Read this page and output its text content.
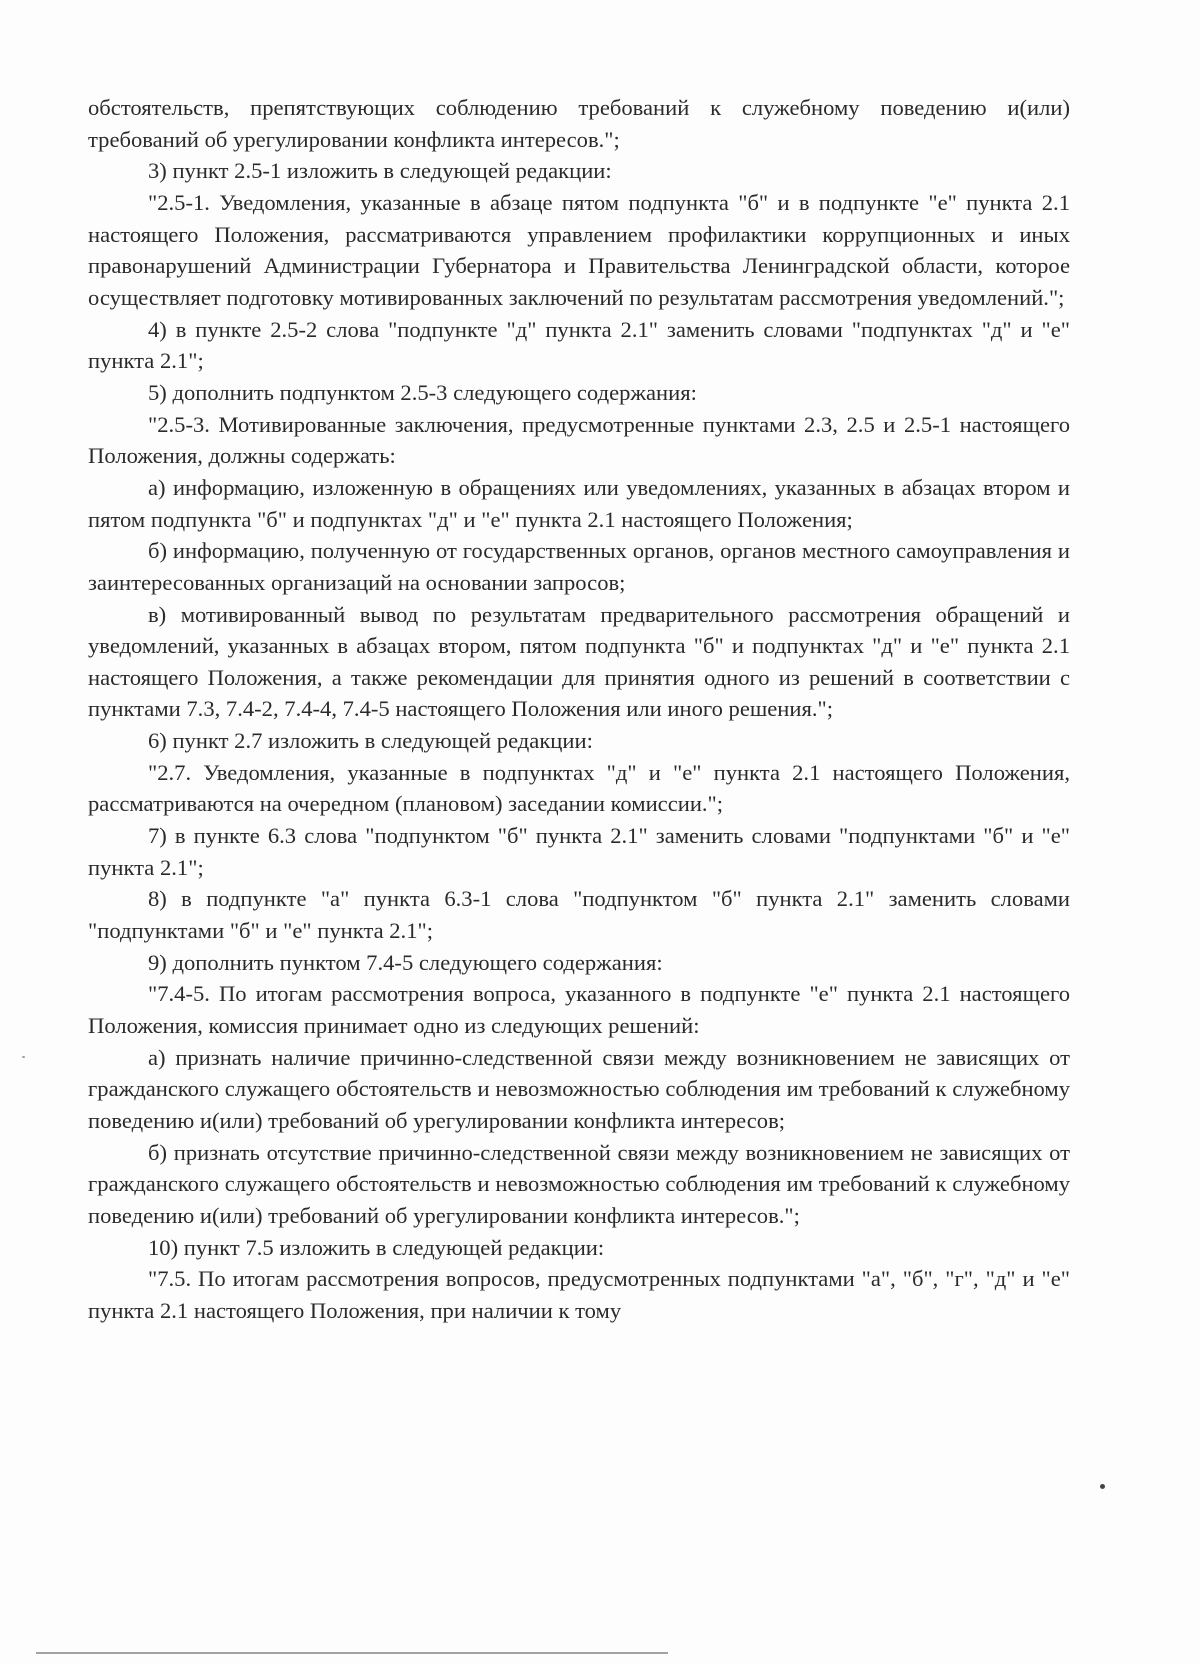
обстоятельств, препятствующих соблюдению требований к служебному поведению и(или) требований об урегулировании конфликта интересов.";

3) пункт 2.5-1 изложить в следующей редакции:

"2.5-1. Уведомления, указанные в абзаце пятом подпункта "б" и в подпункте "е" пункта 2.1 настоящего Положения, рассматриваются управлением профилактики коррупционных и иных правонарушений Администрации Губернатора и Правительства Ленинградской области, которое осуществляет подготовку мотивированных заключений по результатам рассмотрения уведомлений.";

4) в пункте 2.5-2 слова "подпункте "д" пункта 2.1" заменить словами "подпунктах "д" и "е" пункта 2.1";

5) дополнить подпунктом 2.5-3 следующего содержания:

"2.5-3. Мотивированные заключения, предусмотренные пунктами 2.3, 2.5 и 2.5-1 настоящего Положения, должны содержать:

а) информацию, изложенную в обращениях или уведомлениях, указанных в абзацах втором и пятом подпункта "б" и подпунктах "д" и "е" пункта 2.1 настоящего Положения;

б) информацию, полученную от государственных органов, органов местного самоуправления и заинтересованных организаций на основании запросов;

в) мотивированный вывод по результатам предварительного рассмотрения обращений и уведомлений, указанных в абзацах втором, пятом подпункта "б" и подпунктах "д" и "е" пункта 2.1 настоящего Положения, а также рекомендации для принятия одного из решений в соответствии с пунктами 7.3, 7.4-2, 7.4-4, 7.4-5 настоящего Положения или иного решения.";

6) пункт 2.7 изложить в следующей редакции:

"2.7. Уведомления, указанные в подпунктах "д" и "е" пункта 2.1 настоящего Положения, рассматриваются на очередном (плановом) заседании комиссии.";

7) в пункте 6.3 слова "подпунктом "б" пункта 2.1" заменить словами "подпунктами "б" и "е" пункта 2.1";

8) в подпункте "а" пункта 6.3-1 слова "подпунктом "б" пункта 2.1" заменить словами "подпунктами "б" и "е" пункта 2.1";

9) дополнить пунктом 7.4-5 следующего содержания:

"7.4-5. По итогам рассмотрения вопроса, указанного в подпункте "е" пункта 2.1 настоящего Положения, комиссия принимает одно из следующих решений:

а) признать наличие причинно-следственной связи между возникновением не зависящих от гражданского служащего обстоятельств и невозможностью соблюдения им требований к служебному поведению и(или) требований об урегулировании конфликта интересов;

б) признать отсутствие причинно-следственной связи между возникновением не зависящих от гражданского служащего обстоятельств и невозможностью соблюдения им требований к служебному поведению и(или) требований об урегулировании конфликта интересов.";

10) пункт 7.5 изложить в следующей редакции:

"7.5. По итогам рассмотрения вопросов, предусмотренных подпунктами "а", "б", "г", "д" и "е" пункта 2.1 настоящего Положения, при наличии к тому
